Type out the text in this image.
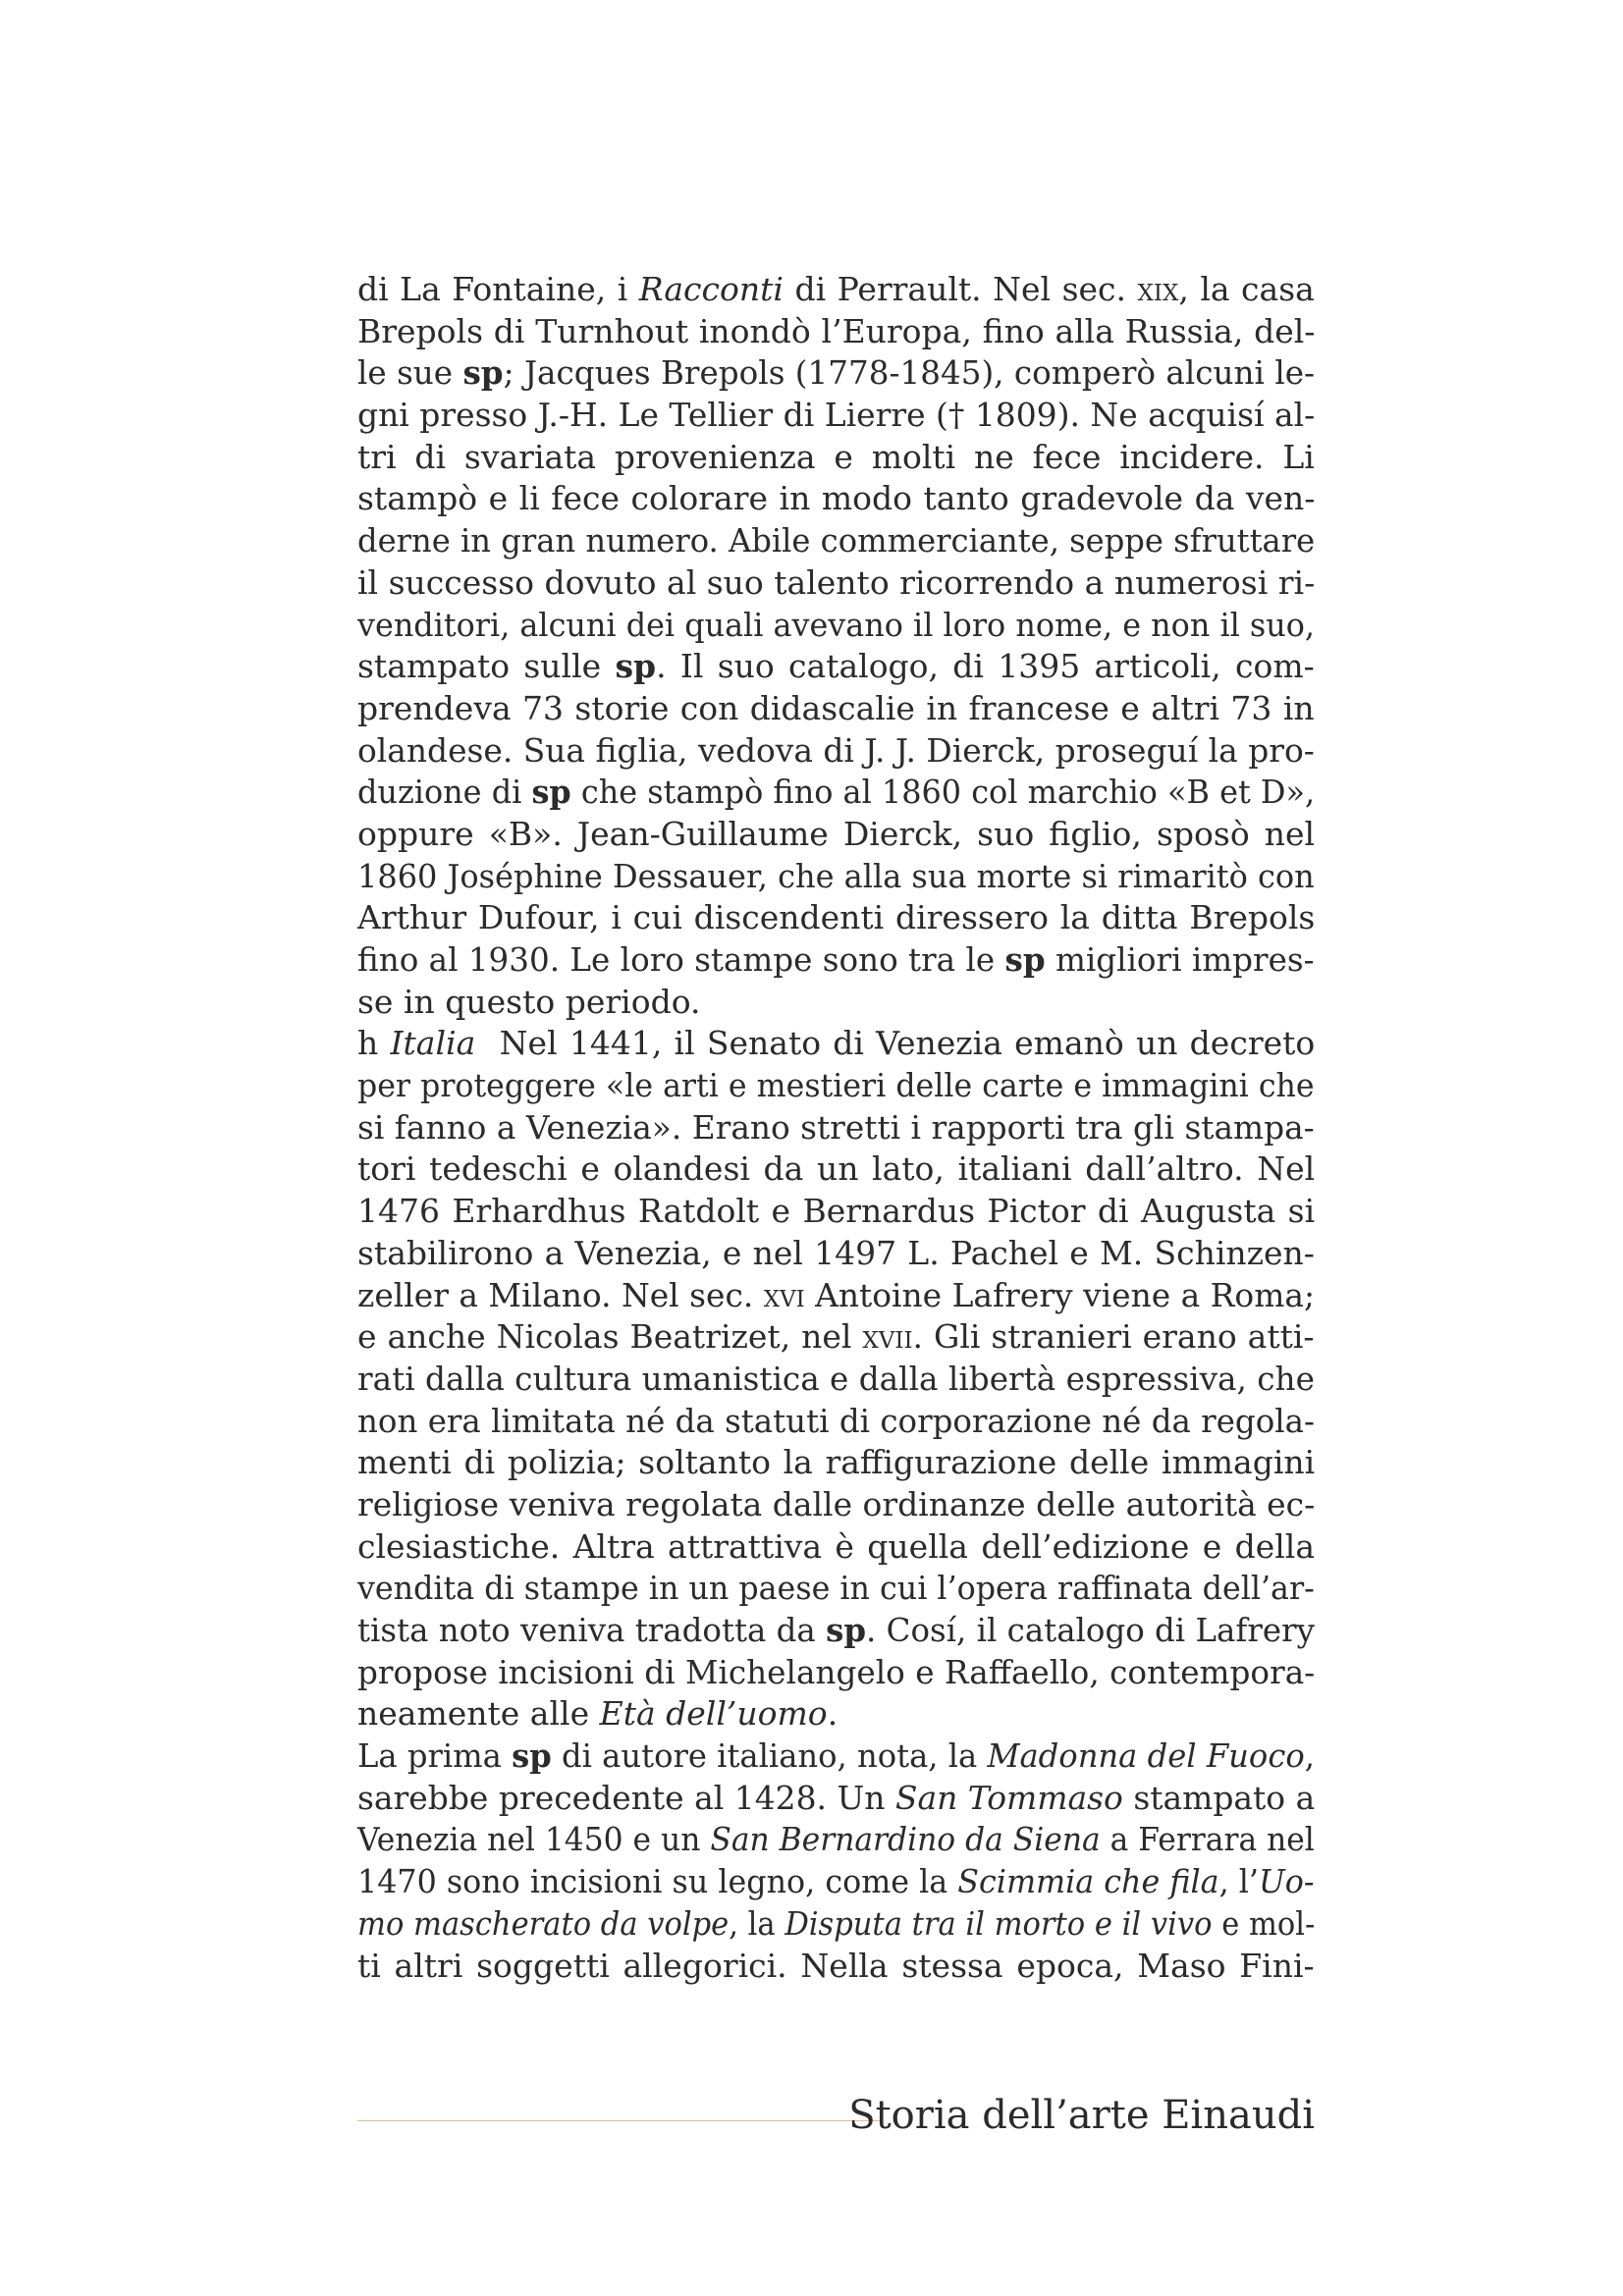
di La Fontaine, i Racconti di Perrault. Nel sec. xix, la casa
Brepols di Turnhout inondò l’Europa, fino alla Russia, del-
le sue sp; Jacques Brepols (1778-1845), comperò alcuni le-
gni presso J.-H. Le Tellier di Lierre († 1809). Ne acquisí al-
tri di svariata provenienza e molti ne fece incidere. Li
stampò e li fece colorare in modo tanto gradevole da ven-
derne in gran numero. Abile commerciante, seppe sfruttare
il successo dovuto al suo talento ricorrendo a numerosi ri-
venditori, alcuni dei quali avevano il loro nome, e non il suo,
stampato sulle sp. Il suo catalogo, di 1395 articoli, com-
prendeva 73 storie con didascalie in francese e altri 73 in
olandese. Sua figlia, vedova di J. J. Dierck, proseguí la pro-
duzione di sp che stampò fino al 1860 col marchio «B et D»,
oppure «B». Jean-Guillaume Dierck, suo figlio, sposò nel
1860 Joséphine Dessauer, che alla sua morte si rimaritò con
Arthur Dufour, i cui discendenti diressero la ditta Brepols
fino al 1930. Le loro stampe sono tra le sp migliori impres-
se in questo periodo.
h Italia  Nel 1441, il Senato di Venezia emanò un decreto
per proteggere «le arti e mestieri delle carte e immagini che
si fanno a Venezia». Erano stretti i rapporti tra gli stampa-
tori tedeschi e olandesi da un lato, italiani dall’altro. Nel
1476 Erhardhus Ratdolt e Bernardus Pictor di Augusta si
stabilirono a Venezia, e nel 1497 L. Pachel e M. Schinzen-
zeller a Milano. Nel sec. xvi Antoine Lafrery viene a Roma;
e anche Nicolas Beatrizet, nel xvii. Gli stranieri erano atti-
rati dalla cultura umanistica e dalla libertà espressiva, che
non era limitata né da statuti di corporazione né da regola-
menti di polizia; soltanto la raffigurazione delle immagini
religiose veniva regolata dalle ordinanze delle autorità ec-
clesiastiche. Altra attrattiva è quella dell’edizione e della
vendita di stampe in un paese in cui l’opera raffinata dell’ar-
tista noto veniva tradotta da sp. Cosí, il catalogo di Lafrery
propose incisioni di Michelangelo e Raffaello, contempora-
neamente alle Età dell’uomo.
La prima sp di autore italiano, nota, la Madonna del Fuoco,
sarebbe precedente al 1428. Un San Tommaso stampato a
Venezia nel 1450 e un San Bernardino da Siena a Ferrara nel
1470 sono incisioni su legno, come la Scimmia che fila, l’Uo-
mo mascherato da volpe, la Disputa tra il morto e il vivo e mol-
ti altri soggetti allegorici. Nella stessa epoca, Maso Fini-
Storia dell’arte Einaudi
